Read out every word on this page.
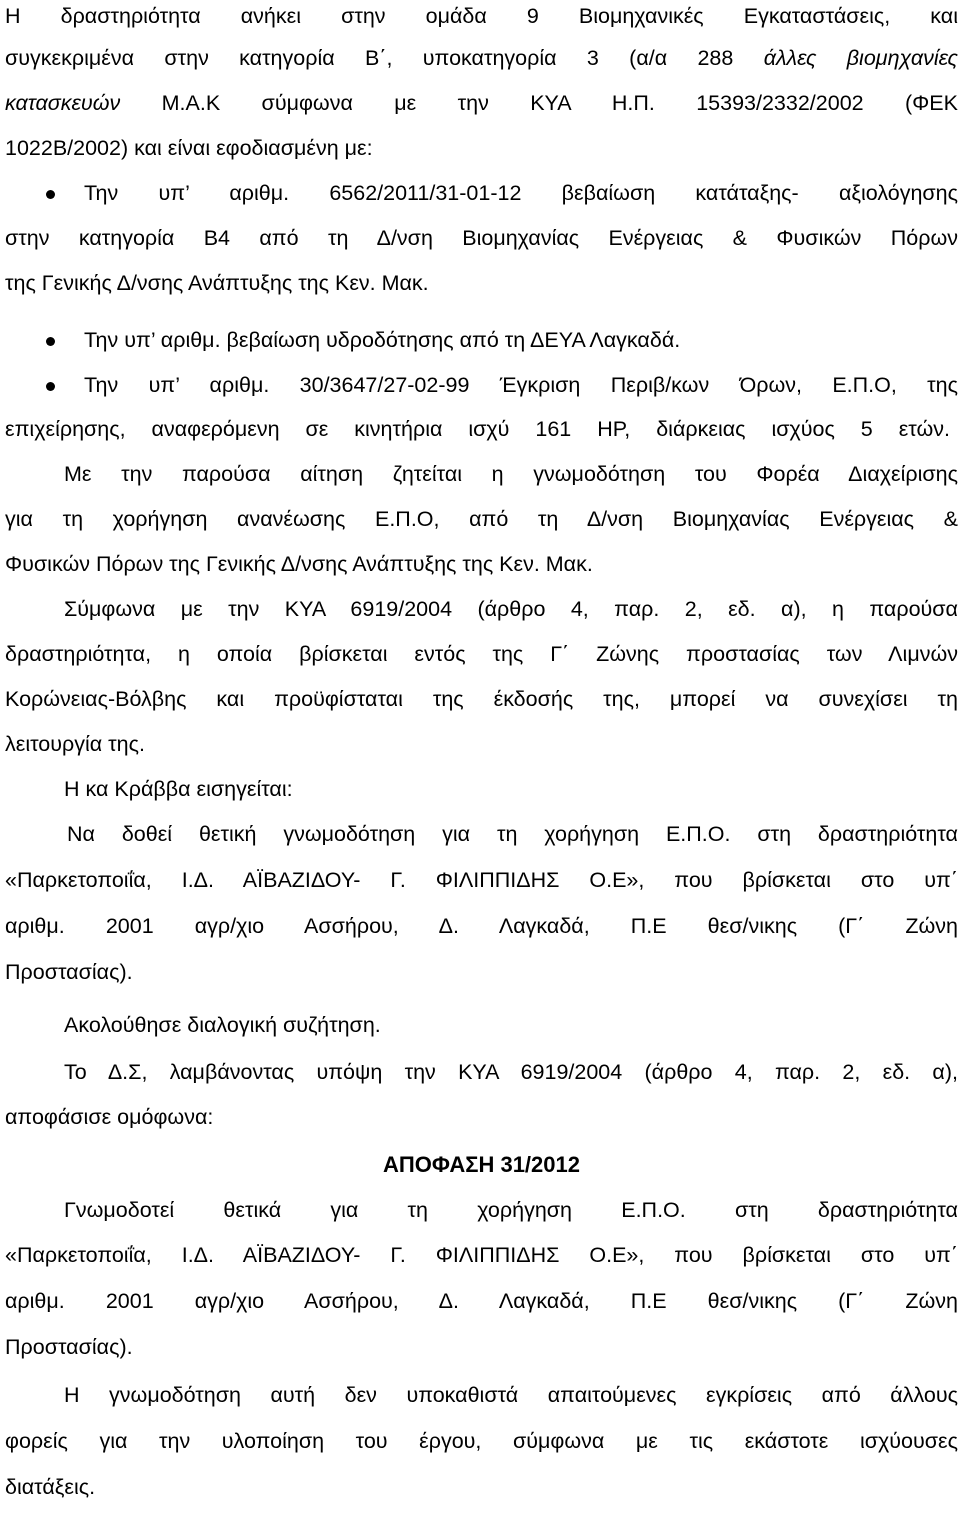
Η δραστηριότητα ανήκει στην ομάδα 9 Βιομηχανικές Εγκαταστάσεις, και
συγκεκριμένα στην κατηγορία Β΄, υποκατηγορία 3 (α/α 288 άλλες βιομηχανίες
κατασκευών Μ.Α.Κ σύμφωνα με την ΚΥΑ Η.Π. 15393/2332/2002 (ΦΕΚ
1022Β/2002) και είναι εφοδιασμένη με:
Την υπ’ αριθμ. 6562/2011/31-01-12 βεβαίωση κατάταξης- αξιολόγησης
στην κατηγορία Β4 από τη Δ/νση Βιομηχανίας Ενέργειας & Φυσικών Πόρων
της Γενικής Δ/νσης Ανάπτυξης της Κεν. Μακ.
Την υπ’ αριθμ. βεβαίωση υδροδότησης από τη ΔΕΥΑ Λαγκαδά.
Την υπ’ αριθμ. 30/3647/27-02-99 Έγκριση Περιβ/κων Όρων, Ε.Π.Ο, της
επιχείρησης, αναφερόμενη σε κινητήρια ισχύ 161 HP, διάρκειας ισχύος 5 ετών.
Με την παρούσα αίτηση ζητείται η γνωμοδότηση του Φορέα Διαχείρισης
για τη χορήγηση ανανέωσης Ε.Π.Ο, από τη Δ/νση Βιομηχανίας Ενέργειας &
Φυσικών Πόρων της Γενικής Δ/νσης Ανάπτυξης της Κεν. Μακ.
Σύμφωνα με την ΚΥΑ 6919/2004 (άρθρο 4, παρ. 2, εδ. α), η παρούσα
δραστηριότητα, η οποία βρίσκεται εντός της Γ΄ Ζώνης προστασίας των Λιμνών
Κορώνειας-Βόλβης και προϋφίσταται της έκδοσής της, μπορεί να συνεχίσει τη
λειτουργία της.
Η κα Κράββα εισηγείται:
Να δοθεί θετική γνωμοδότηση για τη χορήγηση Ε.Π.Ο. στη δραστηριότητα
«Παρκετοποιΐα, Ι.Δ. ΑΪΒΑΖΙΔΟΥ- Γ. ΦΙΛΙΠΠΙΔΗΣ Ο.Ε», που βρίσκεται στο υπ΄
αριθμ. 2001 αγρ/χιο Ασσήρου, Δ. Λαγκαδά, Π.Ε θεσ/νικης (Γ΄ Ζώνη
Προστασίας).
Ακολούθησε διαλογική συζήτηση.
Το Δ.Σ, λαμβάνοντας υπόψη την ΚΥΑ 6919/2004 (άρθρο 4, παρ. 2, εδ. α),
αποφάσισε ομόφωνα:
ΑΠΟΦΑΣΗ 31/2012
Γνωμοδοτεί θετικά για τη χορήγηση Ε.Π.Ο. στη δραστηριότητα
«Παρκετοποιΐα, Ι.Δ. ΑΪΒΑΖΙΔΟΥ- Γ. ΦΙΛΙΠΠΙΔΗΣ Ο.Ε», που βρίσκεται στο υπ΄
αριθμ. 2001 αγρ/χιο Ασσήρου, Δ. Λαγκαδά, Π.Ε θεσ/νικης (Γ΄ Ζώνη
Προστασίας).
Η γνωμοδότηση αυτή δεν υποκαθιστά απαιτούμενες εγκρίσεις από άλλους
φορείς για την υλοποίηση του έργου, σύμφωνα με τις εκάστοτε ισχύουσες
διατάξεις.
